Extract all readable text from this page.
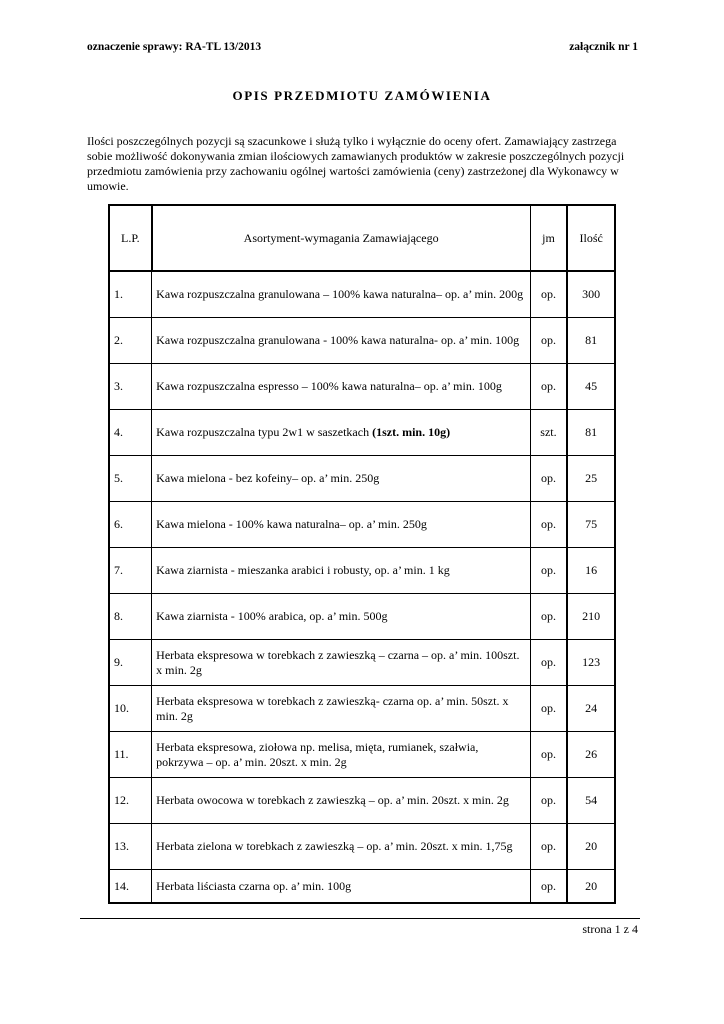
oznaczenie sprawy: RA-TL 13/2013	załącznik nr 1
OPIS PRZEDMIOTU ZAMÓWIENIA
Ilości poszczególnych pozycji są szacunkowe i służą tylko i wyłącznie do oceny ofert. Zamawiający zastrzega sobie możliwość dokonywania zmian ilościowych zamawianych produktów w zakresie poszczególnych pozycji przedmiotu zamówienia przy zachowaniu ogólnej wartości zamówienia (ceny) zastrzeżonej dla Wykonawcy w umowie.
L.P.	Asortyment-wymagania Zamawiającego	jm	Ilość
1.	Kawa rozpuszczalna granulowana – 100% kawa naturalna– op. a’ min. 200g	op.	300
2.	Kawa rozpuszczalna granulowana - 100% kawa naturalna- op. a’ min. 100g	op.	81
3.	Kawa rozpuszczalna espresso – 100% kawa naturalna– op. a’ min. 100g	op.	45
4.	Kawa rozpuszczalna typu 2w1 w saszetkach (1szt. min. 10g)	szt.	81
5.	Kawa mielona - bez kofeiny– op. a’ min. 250g	op.	25
6.	Kawa mielona - 100% kawa naturalna– op. a’ min. 250g	op.	75
7.	Kawa ziarnista - mieszanka arabici i robusty, op. a’ min. 1 kg	op.	16
8.	Kawa ziarnista - 100% arabica, op. a’ min. 500g	op.	210
9.	Herbata ekspresowa w torebkach z zawieszką – czarna – op. a’ min. 100szt. x min. 2g	op.	123
10.	Herbata ekspresowa w torebkach z zawieszką- czarna op. a’ min. 50szt. x min. 2g	op.	24
11.	Herbata ekspresowa, ziołowa np. melisa, mięta, rumianek, szałwia, pokrzywa – op. a’ min. 20szt. x min. 2g	op.	26
12.	Herbata owocowa w torebkach z zawieszką – op. a’ min. 20szt. x min. 2g	op.	54
13.	Herbata zielona w torebkach z zawieszką – op. a’ min. 20szt. x min. 1,75g	op.	20
14.	Herbata liściasta czarna op. a’ min. 100g	op.	20
strona 1 z 4
